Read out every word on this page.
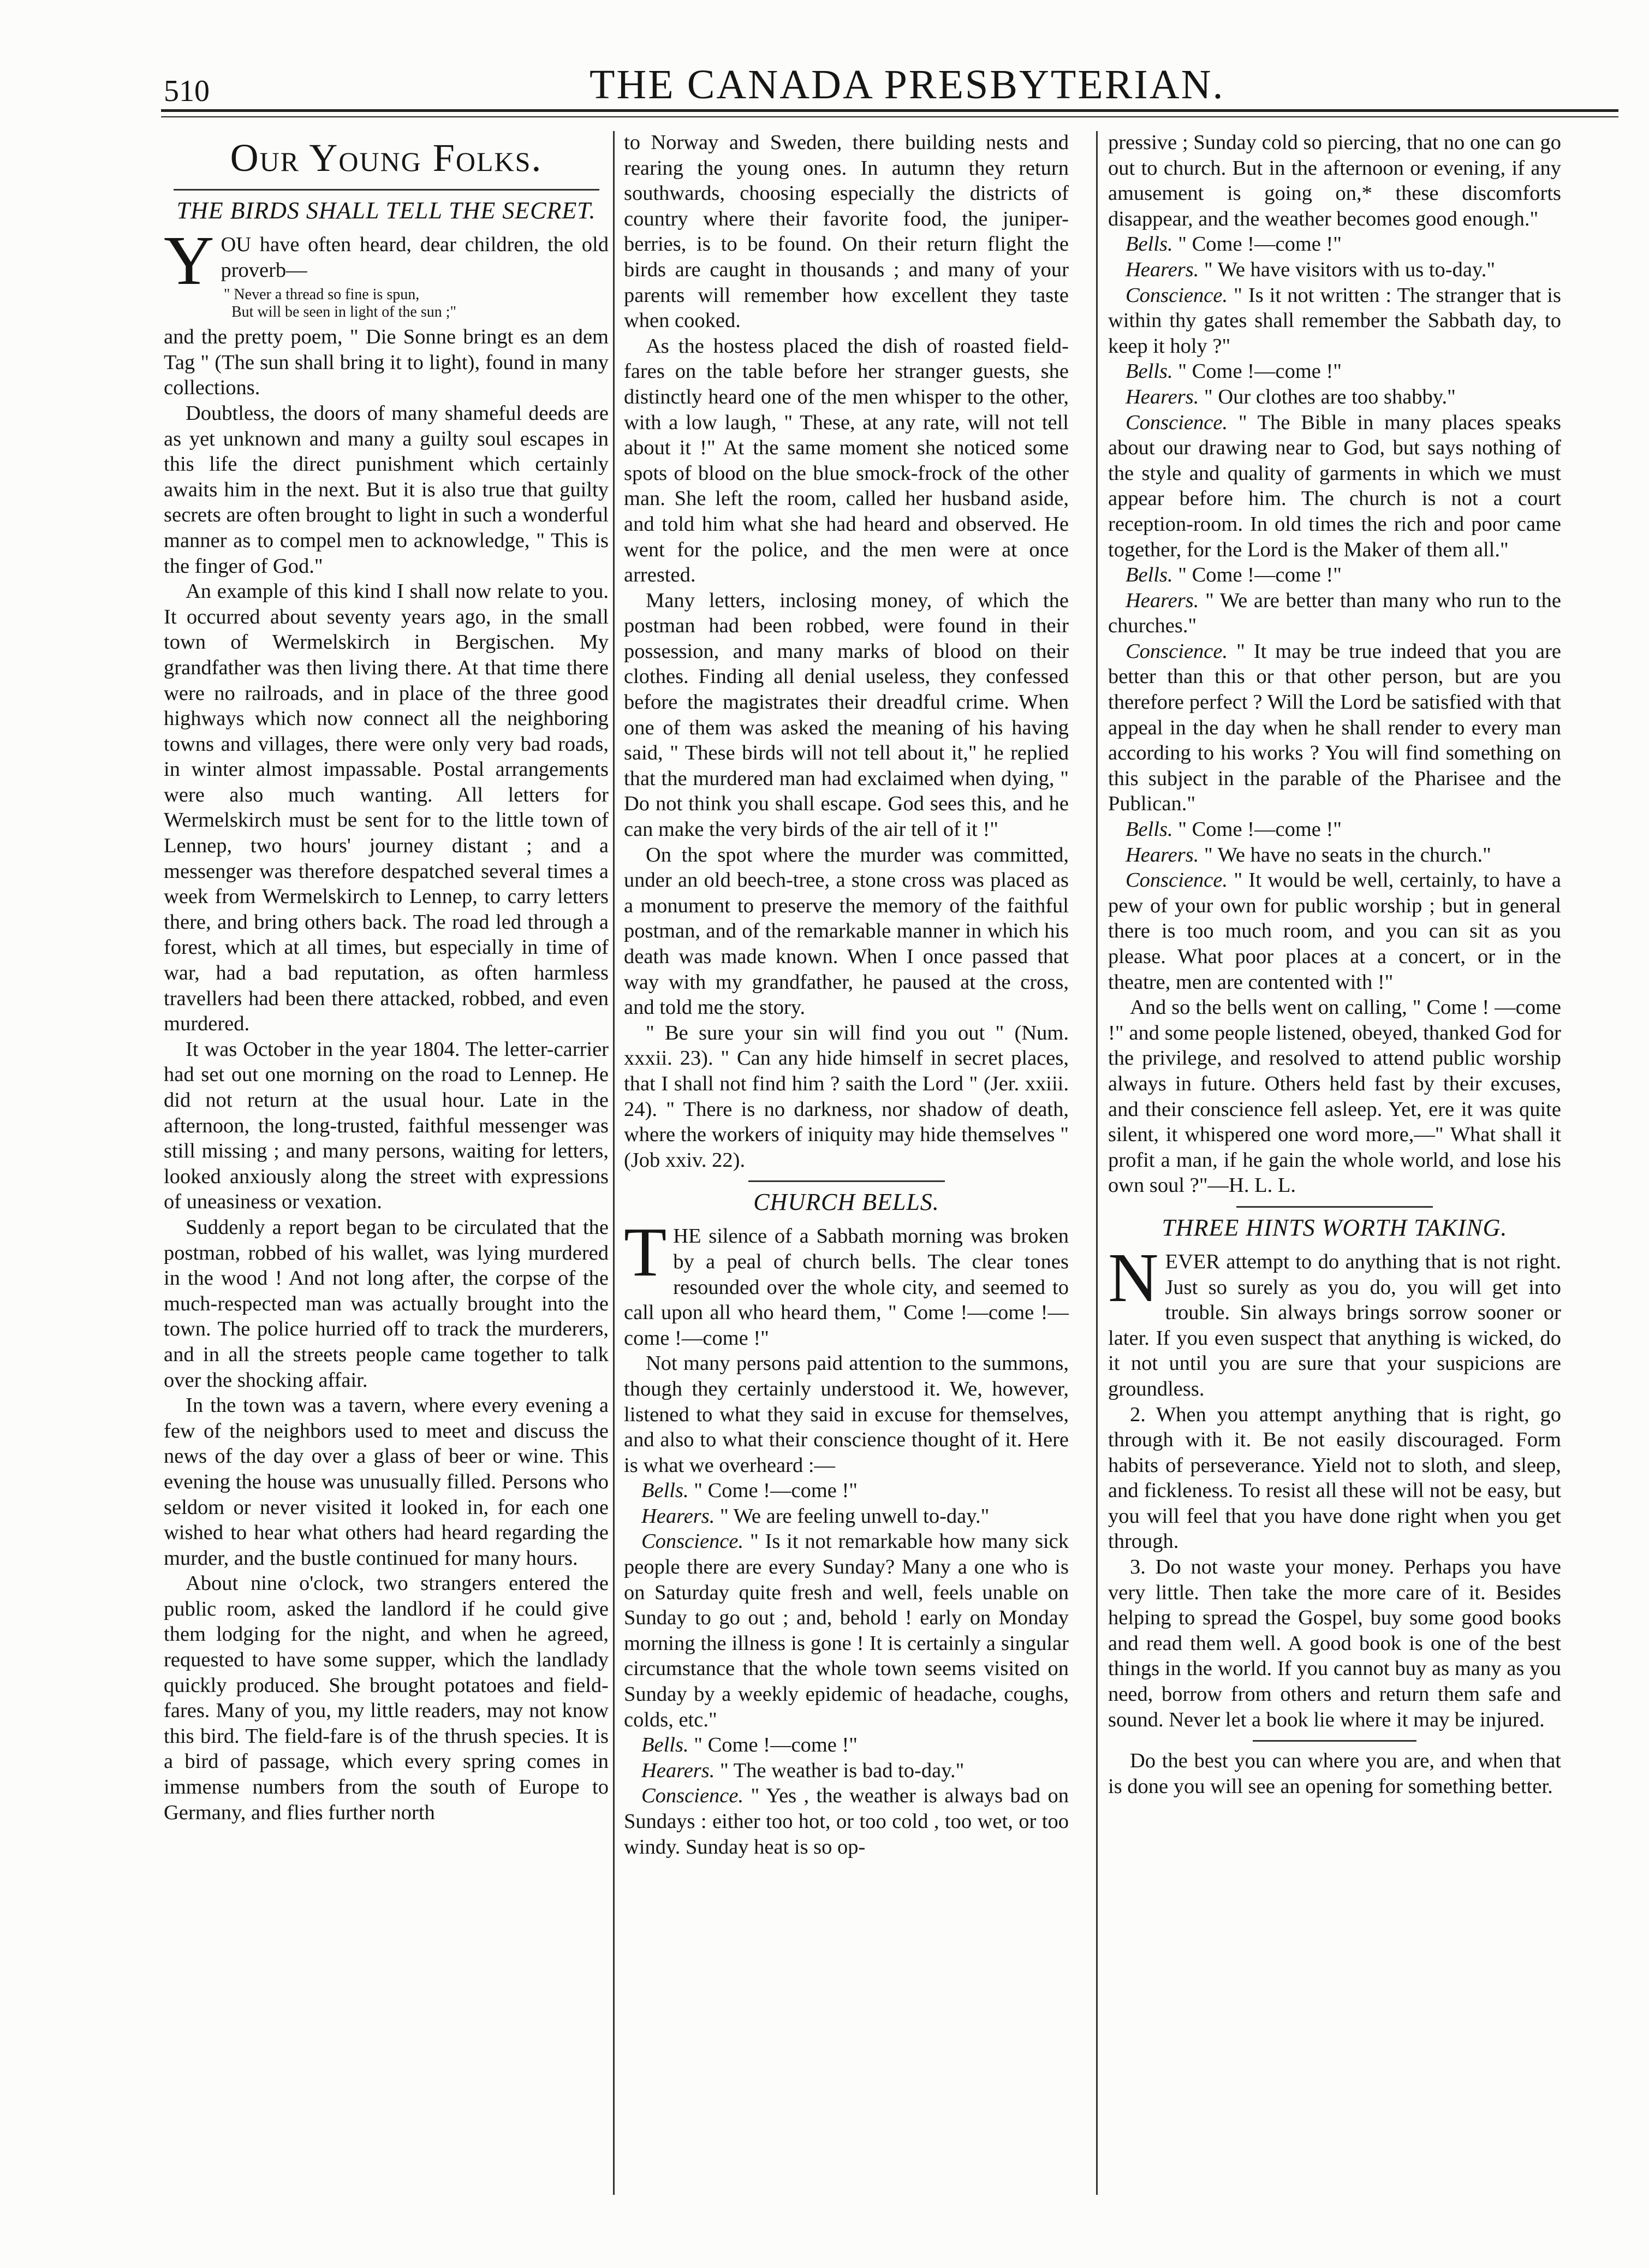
510	THE CANADA PRESBYTERIAN.
Our Young Folks.
THE BIRDS SHALL TELL THE SECRET.

YOU have often heard, dear children, the old proverb—

" Never a thread so fine is spun,
But will be seen in light of the sun ;"

and the pretty poem, " Die Sonne bringt es an dem Tag " (The sun shall bring it to light), found in many collections.

Doubtless, the doors of many shameful deeds are as yet unknown and many a guilty soul escapes in this life the direct punishment which certainly awaits him in the next. But it is also true that guilty secrets are often brought to light in such a wonderful manner as to compel men to acknowledge, " This is the finger of God."

An example of this kind I shall now relate to you. It occurred about seventy years ago, in the small town of Wermelskirch in Bergischen. My grandfather was then living there. At that time there were no railroads, and in place of the three good highways which now connect all the neighboring towns and villages, there were only very bad roads, in winter almost impassable. Postal arrangements were also much wanting. All letters for Wermelskirch must be sent for to the little town of Lennep, two hours' journey distant ; and a messenger was therefore despatched several times a week from Wermelskirch to Lennep, to carry letters there, and bring others back. The road led through a forest, which at all times, but especially in time of war, had a bad reputation, as often harmless travellers had been there attacked, robbed, and even murdered.

It was October in the year 1804. The letter-carrier had set out one morning on the road to Lennep. He did not return at the usual hour. Late in the afternoon, the long-trusted, faithful messenger was still missing ; and many persons, waiting for letters, looked anxiously along the street with expressions of uneasiness or vexation.

Suddenly a report began to be circulated that the postman, robbed of his wallet, was lying murdered in the wood ! And not long after, the corpse of the much-respected man was actually brought into the town. The police hurried off to track the murderers, and in all the streets people came together to talk over the shocking affair.

In the town was a tavern, where every evening a few of the neighbors used to meet and discuss the news of the day over a glass of beer or wine. This evening the house was unusually filled. Persons who seldom or never visited it looked in, for each one wished to hear what others had heard regarding the murder, and the bustle continued for many hours.

About nine o'clock, two strangers entered the public room, asked the landlord if he could give them lodging for the night, and when he agreed, requested to have some supper, which the landlady quickly produced. She brought potatoes and field-fares. Many of you, my little readers, may not know this bird. The field-fare is of the thrush species. It is a bird of passage, which every spring comes in immense numbers from the south of Europe to Germany, and flies further north

to Norway and Sweden, there building nests and rearing the young ones. In autumn they return southwards, choosing especially the districts of country where their favorite food, the juniper-berries, is to be found. On their return flight the birds are caught in thousands ; and many of your parents will remember how excellent they taste when cooked.

As the hostess placed the dish of roasted field-fares on the table before her stranger guests, she distinctly heard one of the men whisper to the other, with a low laugh, " These, at any rate, will not tell about it !" At the same moment she noticed some spots of blood on the blue smock-frock of the other man. She left the room, called her husband aside, and told him what she had heard and observed. He went for the police, and the men were at once arrested.

Many letters, inclosing money, of which the postman had been robbed, were found in their possession, and many marks of blood on their clothes. Finding all denial useless, they confessed before the magistrates their dreadful crime. When one of them was asked the meaning of his having said, " These birds will not tell about it," he replied that the murdered man had exclaimed when dying, " Do not think you shall escape. God sees this, and he can make the very birds of the air tell of it !"

On the spot where the murder was committed, under an old beech-tree, a stone cross was placed as a monument to preserve the memory of the faithful postman, and of the remarkable manner in which his death was made known. When I once passed that way with my grandfather, he paused at the cross, and told me the story.

" Be sure your sin will find you out " (Num. xxxii. 23). " Can any hide himself in secret places, that I shall not find him ? saith the Lord " (Jer. xxiii. 24). " There is no darkness, nor shadow of death, where the workers of iniquity may hide themselves " (Job xxiv. 22).

CHURCH BELLS.

THE silence of a Sabbath morning was broken by a peal of church bells. The clear tones resounded over the whole city, and seemed to call upon all who heard them, " Come !—come !—come !—come !"

Not many persons paid attention to the summons, though they certainly understood it. We, however, listened to what they said in excuse for themselves, and also to what their conscience thought of it. Here is what we overheard :—

Bells. " Come !—come !"

Hearers. " We are feeling unwell to-day."

Conscience. " Is it not remarkable how many sick people there are every Sunday? Many a one who is on Saturday quite fresh and well, feels unable on Sunday to go out ; and, behold ! early on Monday morning the illness is gone ! It is certainly a singular circumstance that the whole town seems visited on Sunday by a weekly epidemic of headache, coughs, colds, etc."

Bells. " Come !—come !"

Hearers. " The weather is bad to-day."

Conscience. " Yes , the weather is always bad on Sundays : either too hot, or too cold , too wet, or too windy. Sunday heat is so op-

pressive ; Sunday cold so piercing, that no one can go out to church. But in the afternoon or evening, if any amusement is going on,* these discomforts disappear, and the weather becomes good enough."

Bells. " Come !—come !"

Hearers. " We have visitors with us to-day."

Conscience. " Is it not written : The stranger that is within thy gates shall remember the Sabbath day, to keep it holy ?"

Bells. " Come !—come !"

Hearers. " Our clothes are too shabby."

Conscience. " The Bible in many places speaks about our drawing near to God, but says nothing of the style and quality of garments in which we must appear before him. The church is not a court reception-room. In old times the rich and poor came together, for the Lord is the Maker of them all."

Bells. " Come !—come !"

Hearers. " We are better than many who run to the churches."

Conscience. " It may be true indeed that you are better than this or that other person, but are you therefore perfect ? Will the Lord be satisfied with that appeal in the day when he shall render to every man according to his works ? You will find something on this subject in the parable of the Pharisee and the Publican."

Bells. " Come !—come !"

Hearers. " We have no seats in the church."

Conscience. " It would be well, certainly, to have a pew of your own for public worship ; but in general there is too much room, and you can sit as you please. What poor places at a concert, or in the theatre, men are contented with !"

And so the bells went on calling, " Come ! —come !" and some people listened, obeyed, thanked God for the privilege, and resolved to attend public worship always in future. Others held fast by their excuses, and their conscience fell asleep. Yet, ere it was quite silent, it whispered one word more,—" What shall it profit a man, if he gain the whole world, and lose his own soul ?"—H. L. L.

THREE HINTS WORTH TAKING.

NEVER attempt to do anything that is not right. Just so surely as you do, you will get into trouble. Sin always brings sorrow sooner or later. If you even suspect that anything is wicked, do it not until you are sure that your suspicions are groundless.

2. When you attempt anything that is right, go through with it. Be not easily discouraged. Form habits of perseverance. Yield not to sloth, and sleep, and fickleness. To resist all these will not be easy, but you will feel that you have done right when you get through.

3. Do not waste your money. Perhaps you have very little. Then take the more care of it. Besides helping to spread the Gospel, buy some good books and read them well. A good book is one of the best things in the world. If you cannot buy as many as you need, borrow from others and return them safe and sound. Never let a book lie where it may be injured.

Do the best you can where you are, and when that is done you will see an opening for something better.
